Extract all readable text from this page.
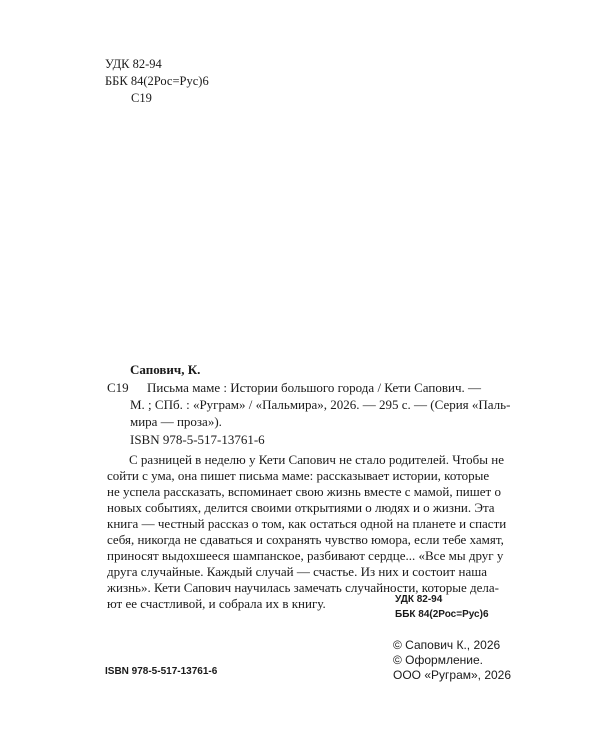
УДК 82-94
ББК 84(2Рос=Рус)6
С19
Сапович, К.
С19	Письма маме : Истории большого города / Кети Сапович. —
М. ; СПб. : «Руграм» / «Пальмира», 2026. — 295 с. — (Серия «Паль-
мира — проза»).
ISBN 978-5-517-13761-6
С разницей в неделю у Кети Сапович не стало родителей. Чтобы не
сойти с ума, она пишет письма маме: рассказывает истории, которые
не успела рассказать, вспоминает свою жизнь вместе с мамой, пишет о
новых событиях, делится своими открытиями о людях и о жизни. Эта
книга — честный рассказ о том, как остаться одной на планете и спасти
себя, никогда не сдаваться и сохранять чувство юмора, если тебе хамят,
приносят выдохшееся шампанское, разбивают сердце... «Все мы друг у
друга случайные. Каждый случай — счастье. Из них и состоит наша
жизнь». Кети Сапович научилась замечать случайности, которые дела-
ют ее счастливой, и собрала их в книгу.	УДК 82-94
ББК 84(2Рос=Рус)6
© Сапович К., 2026
© Оформление.
ООО «Руграм», 2026
ISBN 978-5-517-13761-6
